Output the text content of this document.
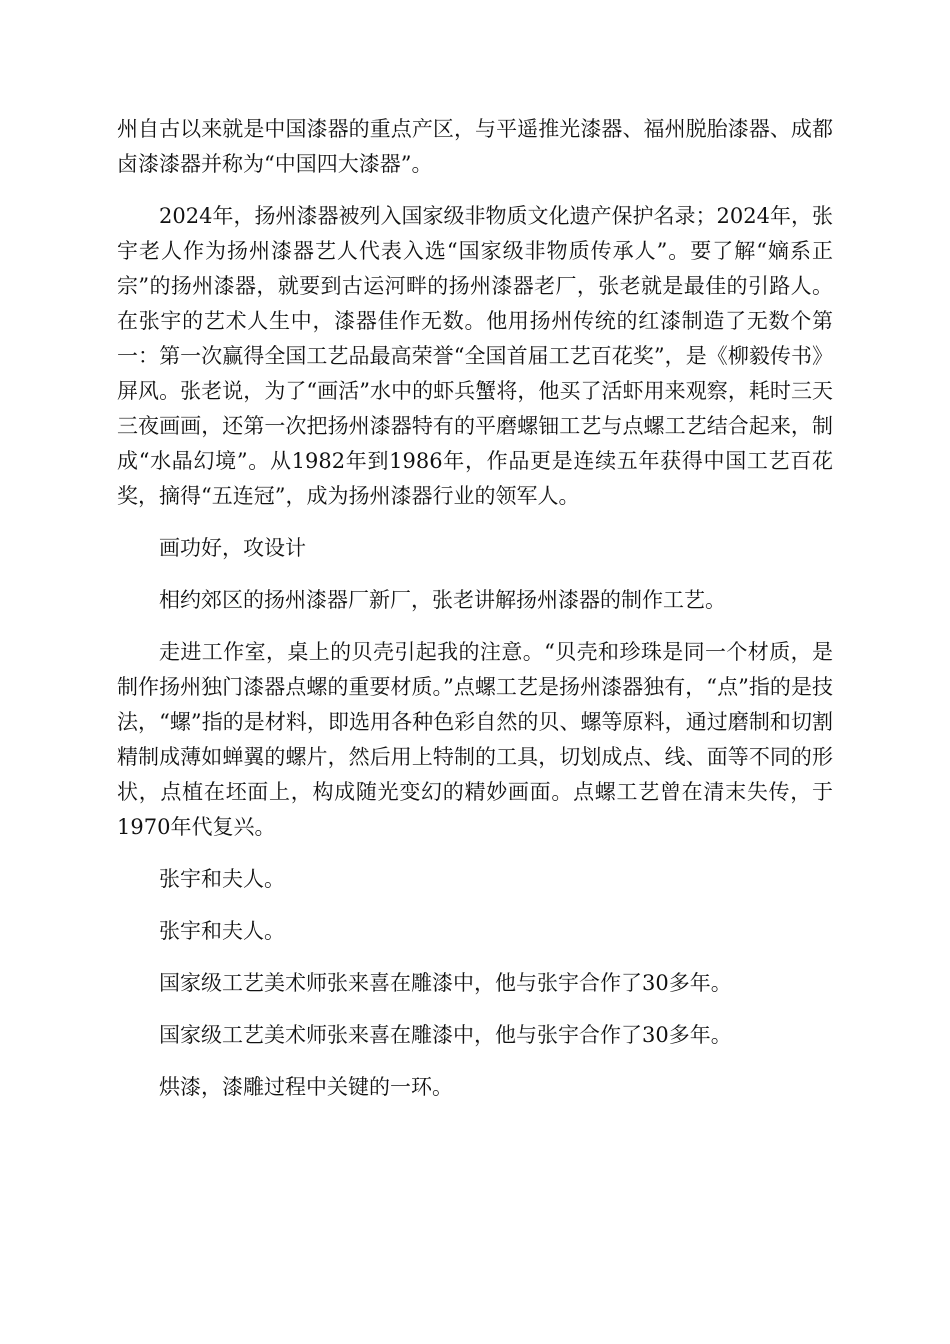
州自古以来就是中国漆器的重点产区，与平遥推光漆器、福州脱胎漆器、成都卤漆漆器并称为“中国四大漆器”。

2024年，扬州漆器被列入国家级非物质文化遗产保护名录；2024年，张宇老人作为扬州漆器艺人代表入选“国家级非物质传承人”。要了解“嫡系正宗”的扬州漆器，就要到古运河畔的扬州漆器老厂，张老就是最佳的引路人。在张宇的艺术人生中，漆器佳作无数。他用扬州传统的红漆制造了无数个第一：第一次赢得全国工艺品最高荣誉“全国首届工艺百花奖”，是《柳毅传书》屏风。张老说，为了“画活”水中的虾兵蟹将，他买了活虾用来观察，耗时三天三夜画画，还第一次把扬州漆器特有的平磨螺钿工艺与点螺工艺结合起来，制成“水晶幻境”。从1982年到1986年，作品更是连续五年获得中国工艺百花奖，摘得“五连冠”，成为扬州漆器行业的领军人。

画功好，攻设计

相约郊区的扬州漆器厂新厂，张老讲解扬州漆器的制作工艺。

走进工作室，桌上的贝壳引起我的注意。“贝壳和珍珠是同一个材质，是制作扬州独门漆器点螺的重要材质。”点螺工艺是扬州漆器独有，“点”指的是技法，“螺”指的是材料，即选用各种色彩自然的贝、螺等原料，通过磨制和切割精制成薄如蝉翼的螺片，然后用上特制的工具，切划成点、线、面等不同的形状，点植在坯面上，构成随光变幻的精妙画面。点螺工艺曾在清末失传，于1970年代复兴。

张宇和夫人。

张宇和夫人。

国家级工艺美术师张来喜在雕漆中，他与张宇合作了30多年。

国家级工艺美术师张来喜在雕漆中，他与张宇合作了30多年。

烘漆，漆雕过程中关键的一环。
